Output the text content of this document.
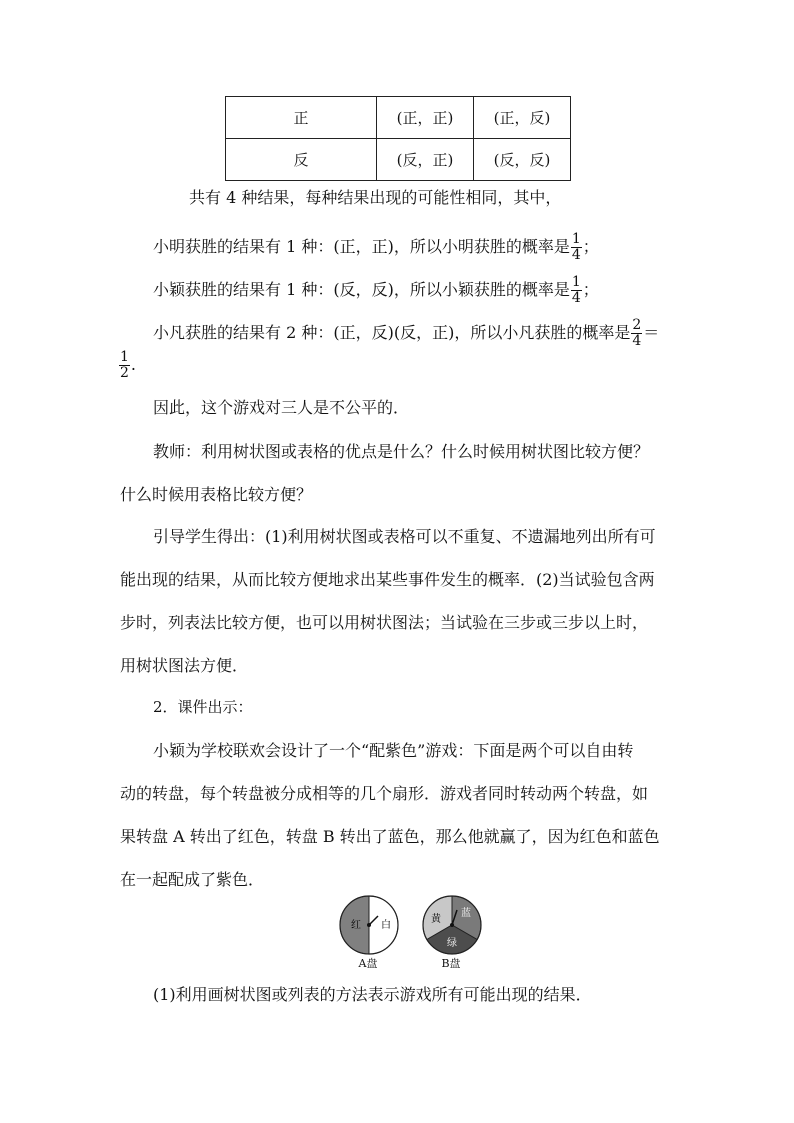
正	(正，正)	(正，反)
反	(反，正)	(反，反)
共有 4 种结果，每种结果出现的可能性相同，其中，
小明获胜的结果有 1 种：(正，正)，所以小明获胜的概率是 $\frac{1}{4}$ ；
小颖获胜的结果有 1 种：(反，反)，所以小颖获胜的概率是 $\frac{1}{4}$ ；
小凡获胜的结果有 2 种：(正，反)(反，正)，所以小凡获胜的概率是 $\frac{2}{4}$ ＝
$\frac{1}{2}$ .
因此，这个游戏对三人是不公平的．
教师：利用树状图或表格的优点是什么？什么时候用树状图比较方便？
什么时候用表格比较方便？
引导学生得出：(1)利用树状图或表格可以不重复、不遗漏地列出所有可
能出现的结果，从而比较方便地求出某些事件发生的概率．(2)当试验包含两
步时，列表法比较方便，也可以用树状图法；当试验在三步或三步以上时，
用树状图法方便．
2．课件出示：
小颖为学校联欢会设计了一个“配紫色”游戏：下面是两个可以自由转
动的转盘，每个转盘被分成相等的几个扇形．游戏者同时转动两个转盘，如
果转盘 A 转出了红色，转盘 B 转出了蓝色，那么他就赢了，因为红色和蓝色
在一起配成了紫色．
红 白
A盘
黄
蓝
绿
B盘
(1)利用画树状图或列表的方法表示游戏所有可能出现的结果．
